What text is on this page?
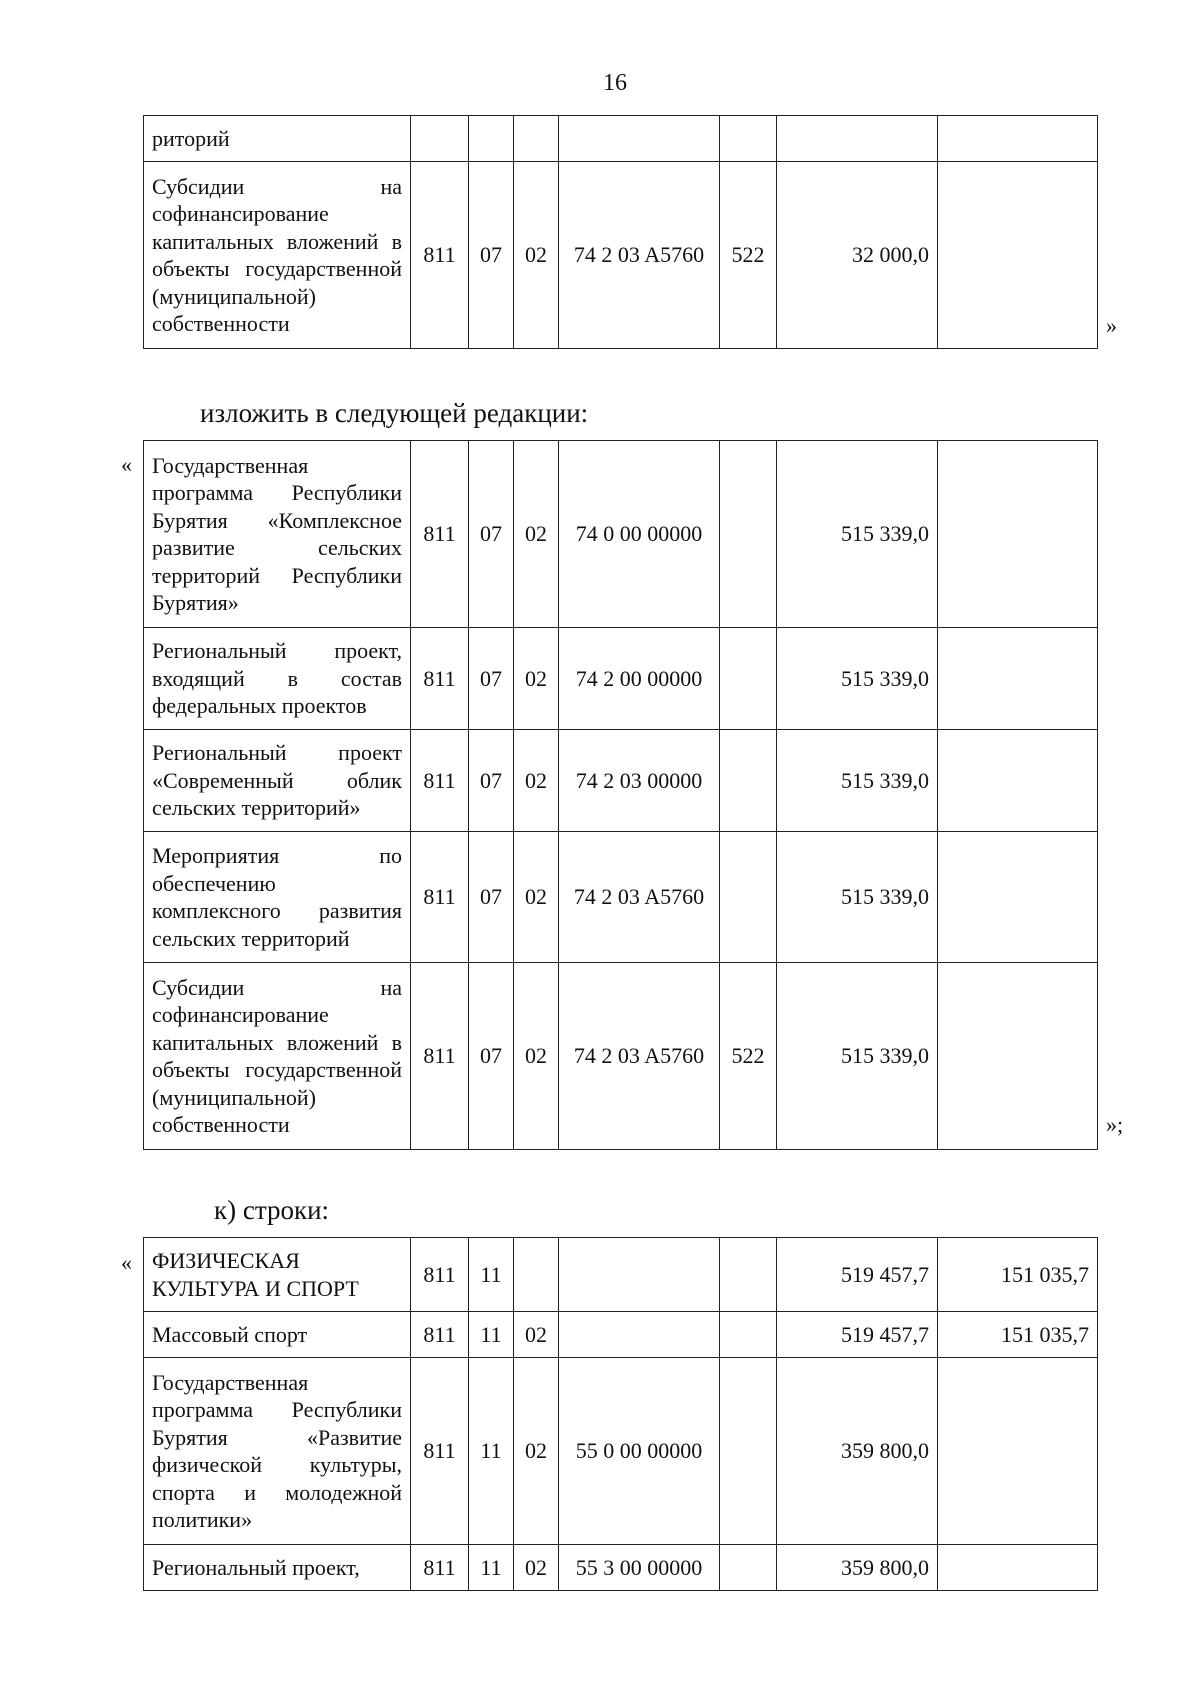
16
риторий							
Субсидии на софинансирование капитальных вложений в объекты государственной (муниципальной) собственности	811	07	02	74 2 03 A5760	522	32 000,0	
»
изложить в следующей редакции:
« Государственная программа Республики Бурятия «Комплексное развитие сельских территорий Республики Бурятия»	811	07	02	74 0 00 00000		515 339,0	
Региональный проект, входящий в состав федеральных проектов	811	07	02	74 2 00 00000		515 339,0	
Региональный проект «Современный облик сельских территорий»	811	07	02	74 2 03 00000		515 339,0	
Мероприятия по обеспечению комплексного развития сельских территорий	811	07	02	74 2 03 A5760		515 339,0	
Субсидии на софинансирование капитальных вложений в объекты государственной (муниципальной) собственности	811	07	02	74 2 03 A5760	522	515 339,0	
»;
к) строки:
« ФИЗИЧЕСКАЯ КУЛЬТУРА И СПОРТ	811	11				519 457,7	151 035,7
Массовый спорт	811	11	02			519 457,7	151 035,7
Государственная программа Республики Бурятия «Развитие физической культуры, спорта и молодежной политики»	811	11	02	55 0 00 00000		359 800,0	
Региональный проект,	811	11	02	55 3 00 00000		359 800,0	
